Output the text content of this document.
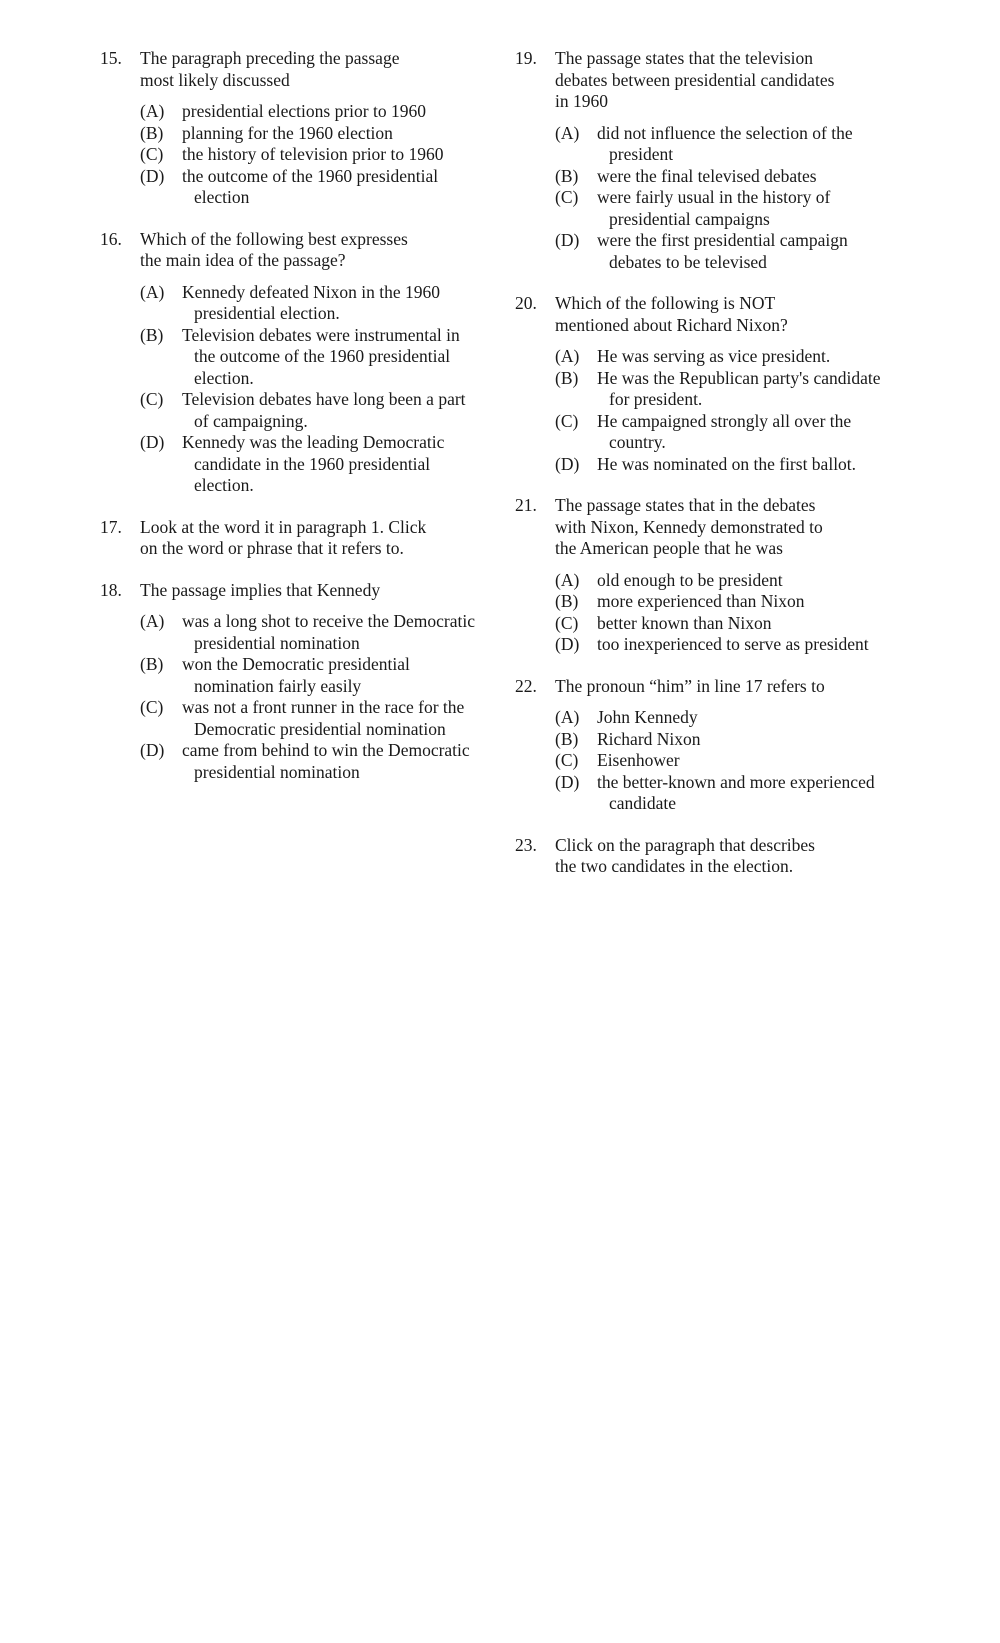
15.	The paragraph preceding the passage
most likely discussed
(A)	presidential elections prior to 1960
(B)	planning for the 1960 election
(C)	the history of television prior to 1960
(D)	the outcome of the 1960 presidential election
16.	Which of the following best expresses
the main idea of the passage?
(A)	Kennedy defeated Nixon in the 1960 presidential election.
(B)	Television debates were instrumental in the outcome of the 1960 presidential election.
(C)	Television debates have long been a part of campaigning.
(D)	Kennedy was the leading Democratic candidate in the 1960 presidential election.
17.	Look at the word it in paragraph 1. Click
on the word or phrase that it refers to.
18.	The passage implies that Kennedy
(A)	was a long shot to receive the Democratic presidential nomination
(B)	won the Democratic presidential nomination fairly easily
(C)	was not a front runner in the race for the Democratic presidential nomination
(D)	came from behind to win the Democratic presidential nomination
19.	The passage states that the television
debates between presidential candidates
in 1960
(A)	did not influence the selection of the president
(B)	were the final televised debates
(C)	were fairly usual in the history of presidential campaigns
(D)	were the first presidential campaign debates to be televised
20.	Which of the following is NOT
mentioned about Richard Nixon?
(A)	He was serving as vice president.
(B)	He was the Republican party's candidate for president.
(C)	He campaigned strongly all over the country.
(D)	He was nominated on the first ballot.
21.	The passage states that in the debates
with Nixon, Kennedy demonstrated to
the American people that he was
(A)	old enough to be president
(B)	more experienced than Nixon
(C)	better known than Nixon
(D)	too inexperienced to serve as president
22.	The pronoun “him” in line 17 refers to
(A)	John Kennedy
(B)	Richard Nixon
(C)	Eisenhower
(D)	the better-known and more experienced candidate
23.	Click on the paragraph that describes
the two candidates in the election.
